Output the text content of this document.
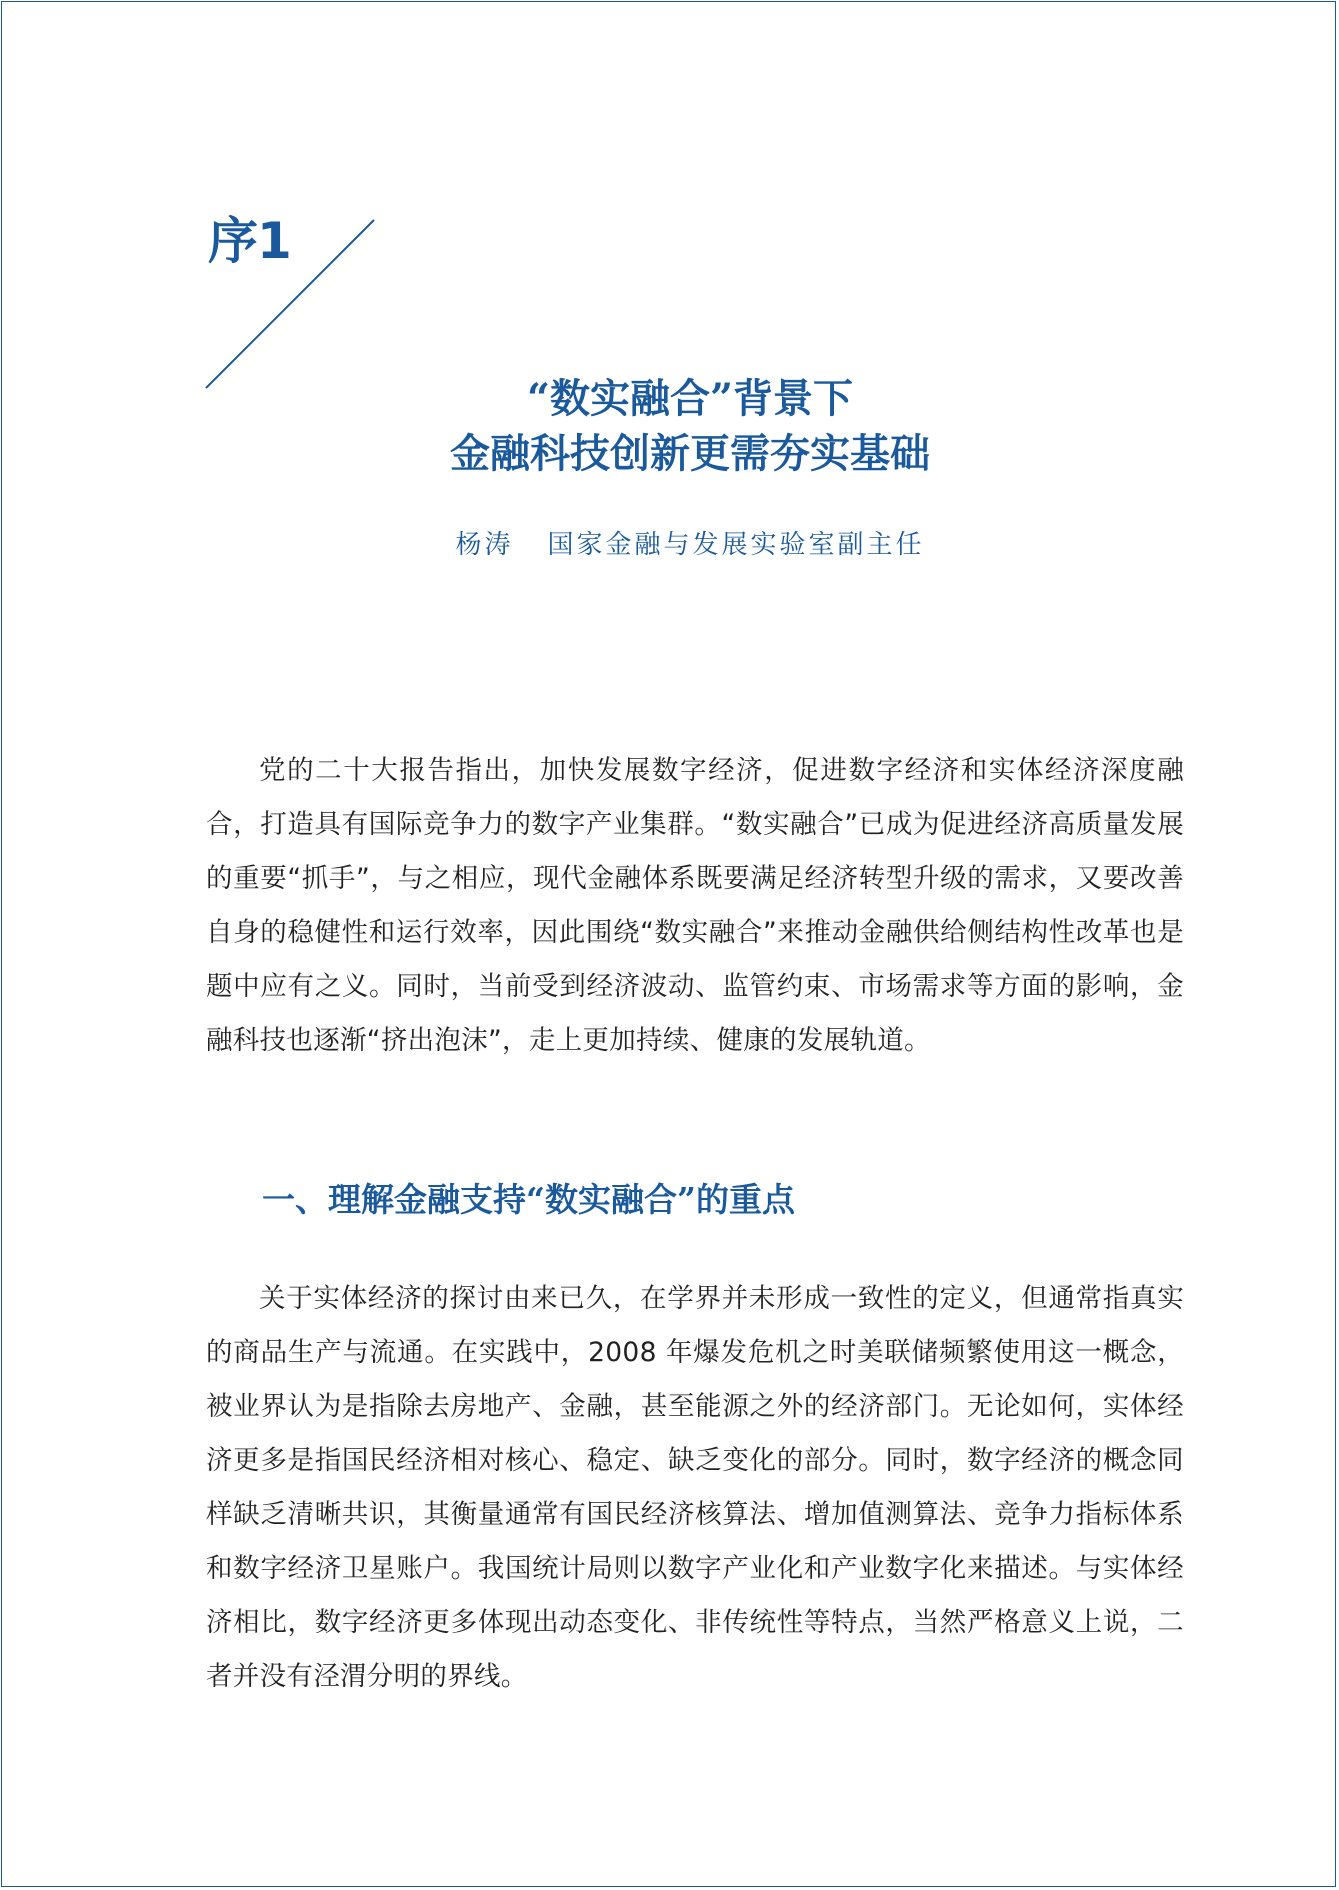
序1
“数实融合”背景下
金融科技创新更需夯实基础
杨涛 国家金融与发展实验室副主任

党的二十大报告指出，加快发展数字经济，促进数字经济和实体经济深度融合，打造具有国际竞争力的数字产业集群。“数实融合”已成为促进经济高质量发展的重要“抓手”，与之相应，现代金融体系既要满足经济转型升级的需求，又要改善自身的稳健性和运行效率，因此围绕“数实融合”来推动金融供给侧结构性改革也是题中应有之义。同时，当前受到经济波动、监管约束、市场需求等方面的影响，金融科技也逐渐“挤出泡沫”，走上更加持续、健康的发展轨道。

一、理解金融支持“数实融合”的重点

关于实体经济的探讨由来已久，在学界并未形成一致性的定义，但通常指真实的商品生产与流通。在实践中，2008 年爆发危机之时美联储频繁使用这一概念，被业界认为是指除去房地产、金融，甚至能源之外的经济部门。无论如何，实体经济更多是指国民经济相对核心、稳定、缺乏变化的部分。同时，数字经济的概念同样缺乏清晰共识，其衡量通常有国民经济核算法、增加值测算法、竞争力指标体系和数字经济卫星账户。我国统计局则以数字产业化和产业数字化来描述。与实体经济相比，数字经济更多体现出动态变化、非传统性等特点，当然严格意义上说，二者并没有泾渭分明的界线。
